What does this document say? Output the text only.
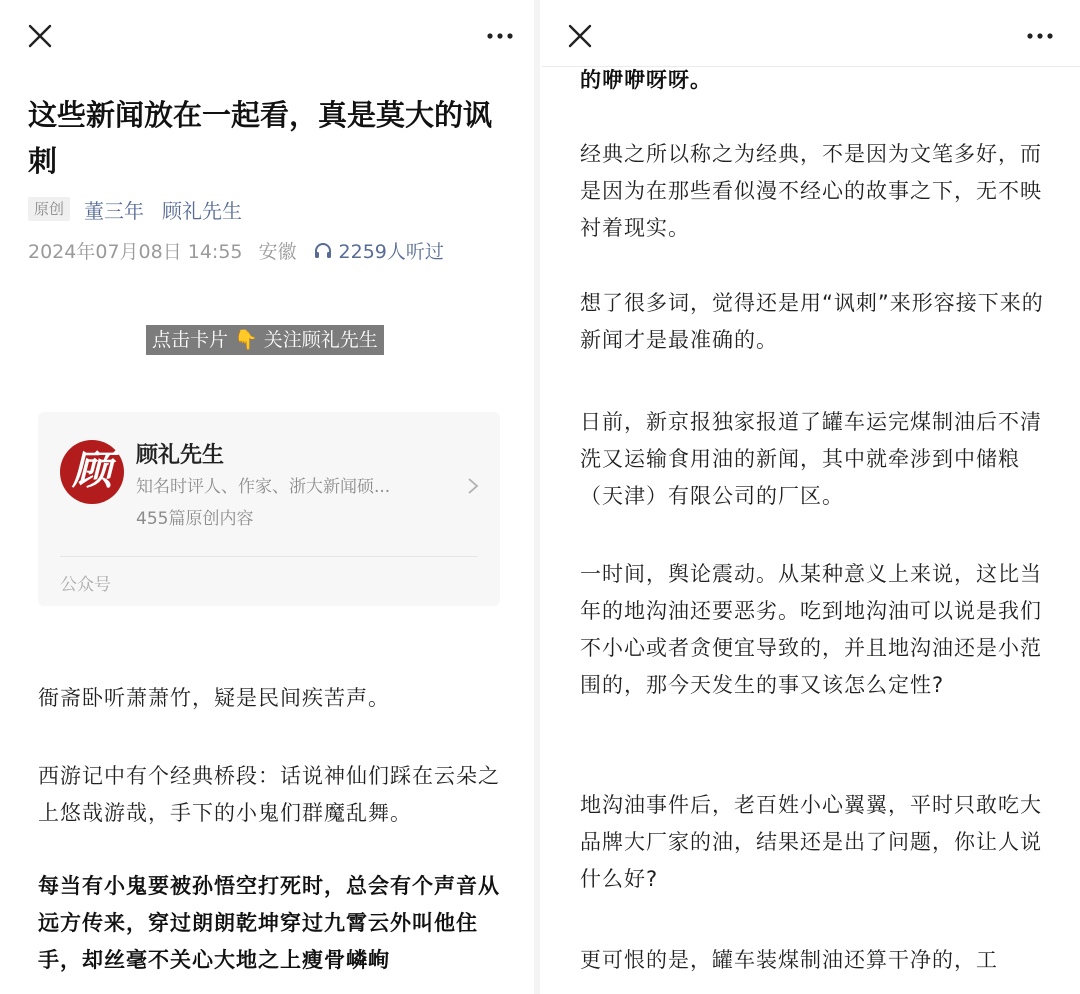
这些新闻放在一起看，真是莫大的讽刺
原创	董三年 顾礼先生
2024年07月08日 14:55 安徽 2259人听过
点击卡片 👇 关注顾礼先生
顾	顾礼先生
知名时评人、作家、浙大新闻硕...
455篇原创内容
公众号
衙斋卧听萧萧竹，疑是民间疾苦声。
西游记中有个经典桥段：话说神仙们踩在云朵之上悠哉游哉，手下的小鬼们群魔乱舞。
每当有小鬼要被孙悟空打死时，总会有个声音从远方传来，穿过朗朗乾坤穿过九霄云外叫他住手，却丝毫不关心大地之上瘦骨嶙峋
的咿咿呀呀。
经典之所以称之为经典，不是因为文笔多好，而是因为在那些看似漫不经心的故事之下，无不映衬着现实。
想了很多词，觉得还是用“讽刺”来形容接下来的新闻才是最准确的。
日前，新京报独家报道了罐车运完煤制油后不清洗又运输食用油的新闻，其中就牵涉到中储粮（天津）有限公司的厂区。
一时间，舆论震动。从某种意义上来说，这比当年的地沟油还要恶劣。吃到地沟油可以说是我们不小心或者贪便宜导致的，并且地沟油还是小范围的，那今天发生的事又该怎么定性?
地沟油事件后，老百姓小心翼翼，平时只敢吃大品牌大厂家的油，结果还是出了问题，你让人说什么好?
更可恨的是，罐车装煤制油还算干净的，工
